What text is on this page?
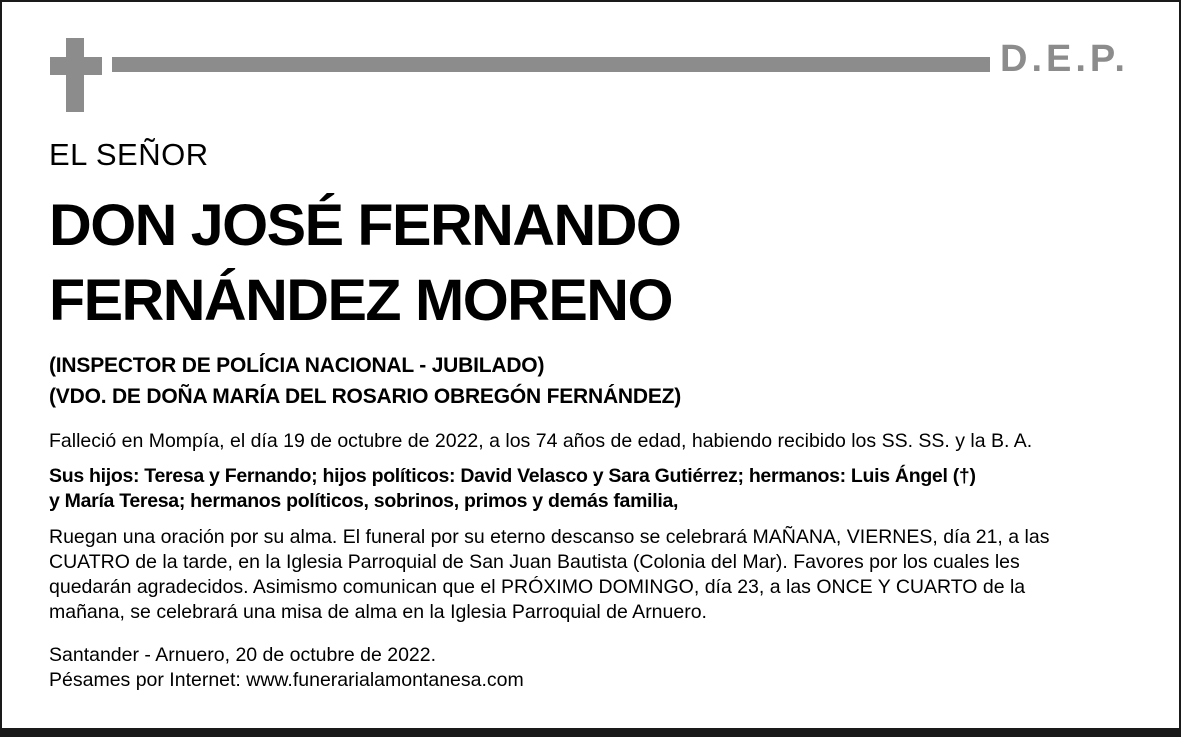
D.E.P.
EL SEÑOR
DON JOSÉ FERNANDO
FERNÁNDEZ MORENO
(INSPECTOR DE POLÍCIA NACIONAL - JUBILADO)
(VDO. DE DOÑA MARÍA DEL ROSARIO OBREGÓN FERNÁNDEZ)
Falleció en Mompía, el día 19 de octubre de 2022, a los 74 años de edad, habiendo recibido los SS. SS. y la B. A.
Sus hijos: Teresa y Fernando; hijos políticos: David Velasco y Sara Gutiérrez; hermanos: Luis Ángel (†)
y María Teresa; hermanos políticos, sobrinos, primos y demás familia,
Ruegan una oración por su alma. El funeral por su eterno descanso se celebrará MAÑANA, VIERNES, día 21, a las
CUATRO de la tarde, en la Iglesia Parroquial de San Juan Bautista (Colonia del Mar). Favores por los cuales les
quedarán agradecidos. Asimismo comunican que el PRÓXIMO DOMINGO, día 23, a las ONCE Y CUARTO de la
mañana, se celebrará una misa de alma en la Iglesia Parroquial de Arnuero.
Santander - Arnuero, 20 de octubre de 2022.
Pésames por Internet: www.funerarialamontanesa.com
